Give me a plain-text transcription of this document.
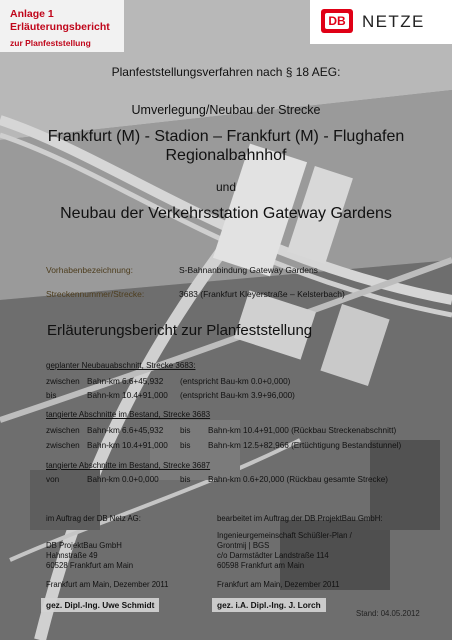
Anlage 1
Erläuterungsbericht
zur Planfeststellung
DB NETZE
Planfeststellungsverfahren nach § 18 AEG:
Umverlegung/Neubau der Strecke
Frankfurt (M) - Stadion – Frankfurt (M) - Flughafen
Regionalbahnhof
und
Neubau der Verkehrsstation Gateway Gardens
Vorhabenbezeichnung:	S-Bahnanbindung Gateway Gardens
Streckennummer/Strecke:	3683 (Frankfurt Kleyerstraße – Kelsterbach)
Erläuterungsbericht zur Planfeststellung
geplanter Neubauabschnitt, Strecke 3683:
zwischen Bahn-km 6.6+45,932 (entspricht Bau-km 0.0+0,000)
bis	Bahn-km 10.4+91,000 (entspricht Bau-km 3.9+96,000)
tangierte Abschnitte im Bestand, Strecke 3683
zwischen Bahn-km 6.6+45,932 bis Bahn-km 10.4+91,000 (Rückbau Streckenabschnitt)
zwischen Bahn-km 10.4+91,000 bis Bahn-km 12.5+82,966 (Ertüchtigung Bestandstunnel)
tangierte Abschnitte im Bestand, Strecke 3687
von	Bahn-km 0.0+0,000	bis Bahn-km 0.6+20,000 (Rückbau gesamte Strecke)
im Auftrag der DB Netz AG:	bearbeitet im Auftrag der DB ProjektBau GmbH:
DB ProjektBau GmbH
Hahnstraße 49
60528 Frankfurt am Main
Ingenieurgemeinschaft Schüßler-Plan /
Grontmij | BGS
c/o Darmstädter Landstraße 114
60598 Frankfurt am Main
Frankfurt am Main, Dezember 2011	Frankfurt am Main, Dezember 2011
gez. Dipl.-Ing. Uwe Schmidt	gez. i.A. Dipl.-Ing. J. Lorch
Stand: 04.05.2012
